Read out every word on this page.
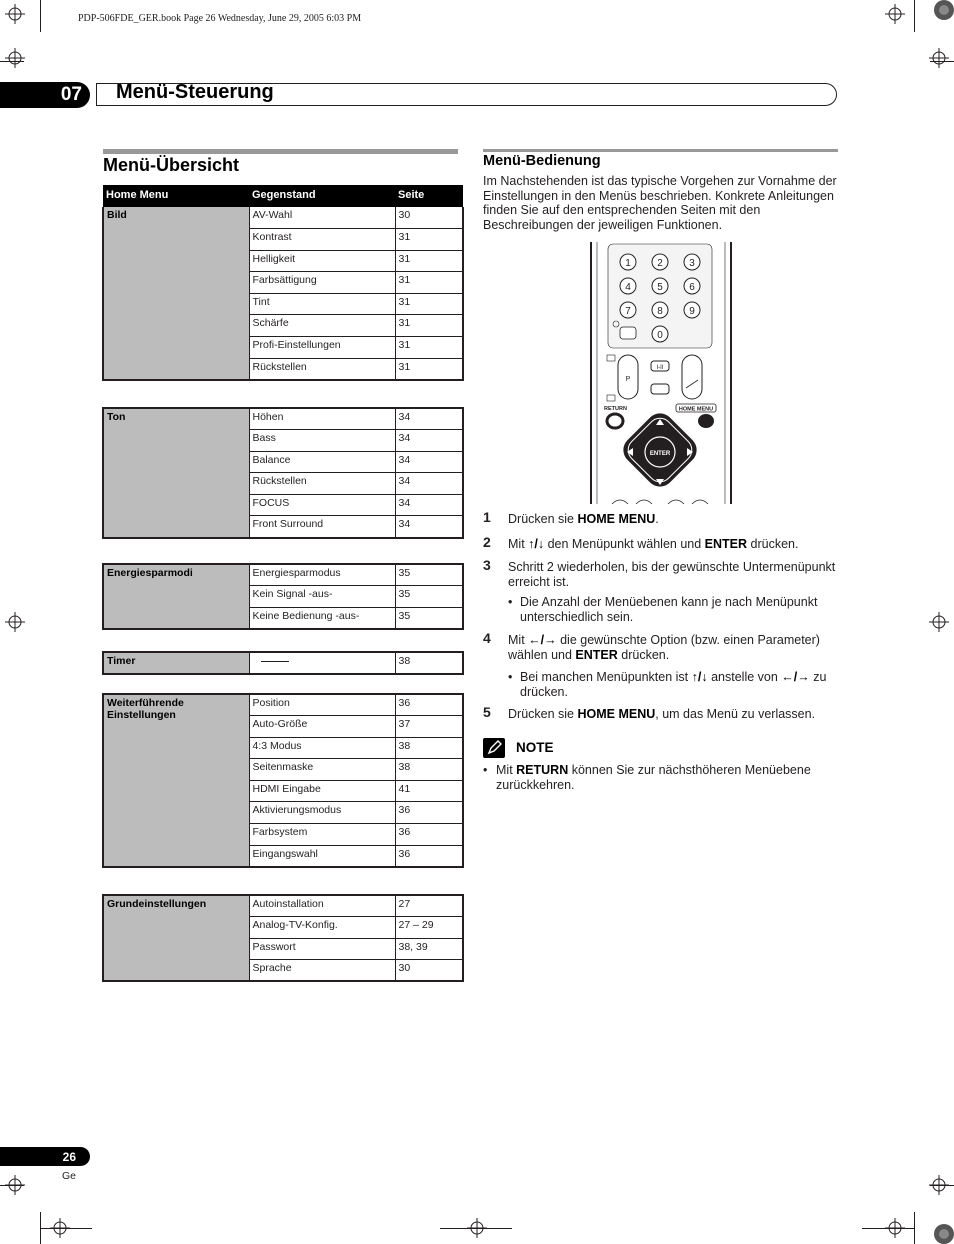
PDP-506FDE_GER.book Page 26 Wednesday, June 29, 2005 6:03 PM
07	Menü-Steuerung
Menü-Übersicht
Home Menu	Gegenstand	Seite
Bild	AV-Wahl	30
	Kontrast	31
	Helligkeit	31
	Farbsättigung	31
	Tint	31
	Schärfe	31
	Profi-Einstellungen	31
	Rückstellen	31
Ton	Höhen	34
	Bass	34
	Balance	34
	Rückstellen	34
	FOCUS	34
	Front Surround	34
Energiesparmodi	Energiesparmodus	35
	Kein Signal -aus-	35
	Keine Bedienung -aus-	35
Timer		38
Weiterführende Einstellungen	Position	36
	Auto-Größe	37
	4:3 Modus	38
	Seitenmaske	38
	HDMI Eingabe	41
	Aktivierungsmodus	36
	Farbsystem	36
	Eingangswahl	36
Grundeinstellungen	Autoinstallation	27
	Analog-TV-Konfig.	27 – 29
	Passwort	38, 39
	Sprache	30
Menü-Bedienung
Im Nachstehenden ist das typische Vorgehen zur Vornahme der Einstellungen in den Menüs beschrieben. Konkrete Anleitungen finden Sie auf den entsprechenden Seiten mit den Beschreibungen der jeweiligen Funktionen.
1	2	3
4	5	6
7	8	9
0
P
I-II
RETURN	HOME MENU
ENTER
1 Drücken sie HOME MENU.
2 Mit ↑/↓ den Menüpunkt wählen und ENTER drücken.
3 Schritt 2 wiederholen, bis der gewünschte Untermenüpunkt erreicht ist.
• Die Anzahl der Menüebenen kann je nach Menüpunkt unterschiedlich sein.
4 Mit ←/→ die gewünschte Option (bzw. einen Parameter) wählen und ENTER drücken.
• Bei manchen Menüpunkten ist ↑/↓ anstelle von ←/→ zu drücken.
5 Drücken sie HOME MENU, um das Menü zu verlassen.
NOTE
• Mit RETURN können Sie zur nächsthöheren Menüebene zurückkehren.
26
Ge
